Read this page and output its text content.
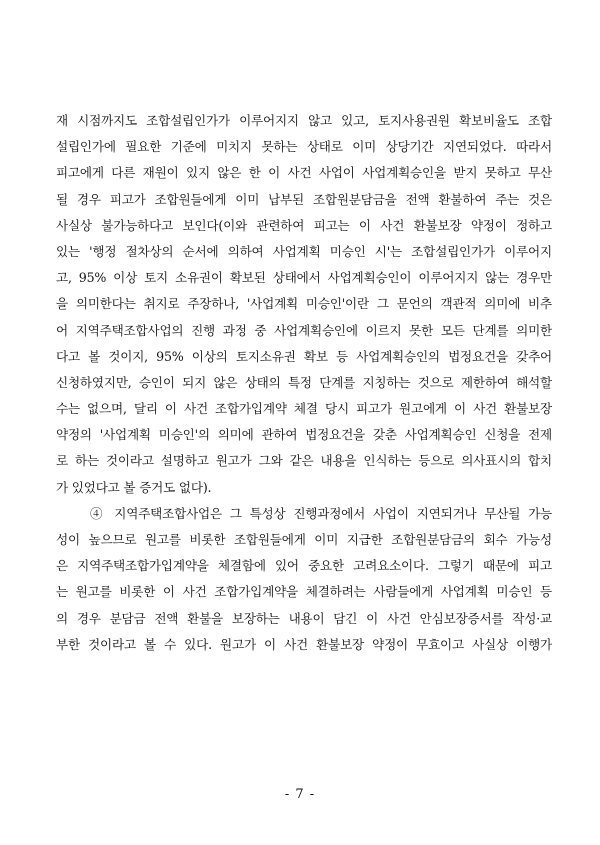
재 시점까지도 조합설립인가가 이루어지지 않고 있고, 토지사용권원 확보비율도 조합
설립인가에 필요한 기준에 미치지 못하는 상태로 이미 상당기간 지연되었다. 따라서
피고에게 다른 재원이 있지 않은 한 이 사건 사업이 사업계획승인을 받지 못하고 무산
될 경우 피고가 조합원들에게 이미 납부된 조합원분담금을 전액 환불하여 주는 것은
사실상 불가능하다고 보인다(이와 관련하여 피고는 이 사건 환불보장 약정이 정하고
있는 '행정 절차상의 순서에 의하여 사업계획 미승인 시'는 조합설립인가가 이루어지
고, 95% 이상 토지 소유권이 확보된 상태에서 사업계획승인이 이루어지지 않는 경우만
을 의미한다는 취지로 주장하나, '사업계획 미승인'이란 그 문언의 객관적 의미에 비추
어 지역주택조합사업의 진행 과정 중 사업계획승인에 이르지 못한 모든 단계를 의미한
다고 볼 것이지, 95% 이상의 토지소유권 확보 등 사업계획승인의 법정요건을 갖추어
신청하였지만, 승인이 되지 않은 상태의 특정 단계를 지칭하는 것으로 제한하여 해석할
수는 없으며, 달리 이 사건 조합가입계약 체결 당시 피고가 원고에게 이 사건 환불보장
약정의 '사업계획 미승인'의 의미에 관하여 법정요건을 갖춘 사업계획승인 신청을 전제
로 하는 것이라고 설명하고 원고가 그와 같은 내용을 인식하는 등으로 의사표시의 합치
가 있었다고 볼 증거도 없다).
④ 지역주택조합사업은 그 특성상 진행과정에서 사업이 지연되거나 무산될 가능
성이 높으므로 원고를 비롯한 조합원들에게 이미 지급한 조합원분담금의 회수 가능성
은 지역주택조합가입계약을 체결함에 있어 중요한 고려요소이다. 그렇기 때문에 피고
는 원고를 비롯한 이 사건 조합가입계약을 체결하려는 사람들에게 사업계획 미승인 등
의 경우 분담금 전액 환불을 보장하는 내용이 담긴 이 사건 안심보장증서를 작성·교
부한 것이라고 볼 수 있다. 원고가 이 사건 환불보장 약정이 무효이고 사실상 이행가
- 7 -
